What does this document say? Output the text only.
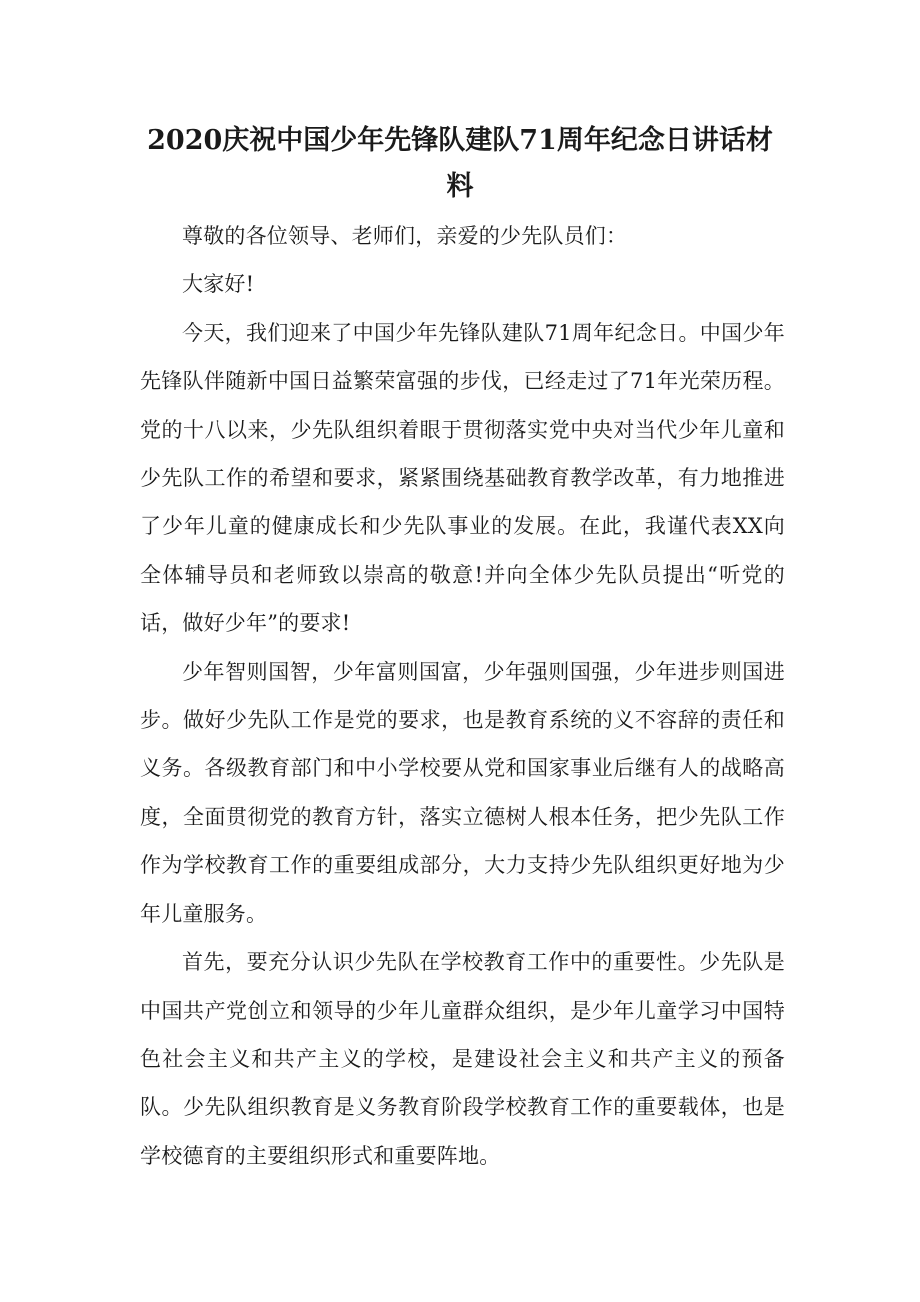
2020庆祝中国少年先锋队建队71周年纪念日讲话材料

尊敬的各位领导、老师们，亲爱的少先队员们：

大家好!

今天，我们迎来了中国少年先锋队建队71周年纪念日。中国少年先锋队伴随新中国日益繁荣富强的步伐，已经走过了71年光荣历程。党的十八以来，少先队组织着眼于贯彻落实党中央对当代少年儿童和少先队工作的希望和要求，紧紧围绕基础教育教学改革，有力地推进了少年儿童的健康成长和少先队事业的发展。在此，我谨代表XX向全体辅导员和老师致以崇高的敬意!并向全体少先队员提出“听党的话，做好少年”的要求!

少年智则国智，少年富则国富，少年强则国强，少年进步则国进步。做好少先队工作是党的要求，也是教育系统的义不容辞的责任和义务。各级教育部门和中小学校要从党和国家事业后继有人的战略高度，全面贯彻党的教育方针，落实立德树人根本任务，把少先队工作作为学校教育工作的重要组成部分，大力支持少先队组织更好地为少年儿童服务。

首先，要充分认识少先队在学校教育工作中的重要性。少先队是中国共产党创立和领导的少年儿童群众组织，是少年儿童学习中国特色社会主义和共产主义的学校，是建设社会主义和共产主义的预备队。少先队组织教育是义务教育阶段学校教育工作的重要载体，也是学校德育的主要组织形式和重要阵地。
